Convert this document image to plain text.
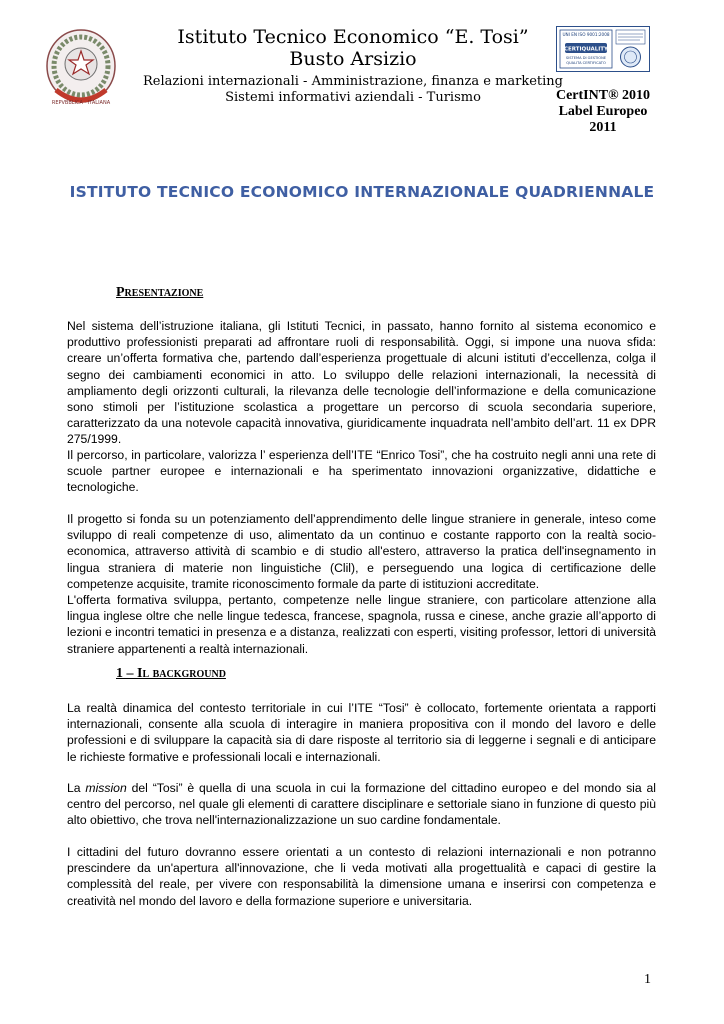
REPVBBLICA · ITALIANA
Istituto Tecnico Economico “E. Tosi”
Busto Arsizio
Relazioni internazionali - Amministrazione, finanza e marketing
Sistemi informativi aziendali - Turismo
UNI EN ISO 9001:2008
CERTIQUALITY
SISTEMA DI GESTIONE
QUALITA CERTIFICATO
CertINT® 2010
Label Europeo
2011
ISTITUTO TECNICO ECONOMICO INTERNAZIONALE QUADRIENNALE
Presentazione

Nel sistema dell’istruzione italiana, gli Istituti Tecnici, in passato, hanno fornito al sistema economico e produttivo professionisti preparati ad affrontare ruoli di responsabilità. Oggi, si impone una nuova sfida: creare un’offerta formativa che, partendo dall’esperienza progettuale di alcuni istituti d’eccellenza, colga il segno dei cambiamenti economici in atto. Lo sviluppo delle relazioni internazionali, la necessità di ampliamento degli orizzonti culturali, la rilevanza delle tecnologie dell’informazione e della comunicazione sono stimoli per l’istituzione scolastica a progettare un percorso di scuola secondaria superiore, caratterizzato da una notevole capacità innovativa, giuridicamente inquadrata nell’ambito dell’art. 11 ex DPR 275/1999.

Il percorso, in particolare, valorizza l’ esperienza dell’ITE “Enrico Tosi”, che ha costruito negli anni una rete di scuole partner europee e internazionali e ha sperimentato innovazioni organizzative, didattiche e tecnologiche.

Il progetto si fonda su un potenziamento dell’apprendimento delle lingue straniere in generale, inteso come sviluppo di reali competenze di uso, alimentato da un continuo e costante rapporto con la realtà socio-economica, attraverso attività di scambio e di studio all'estero, attraverso la pratica dell'insegnamento in lingua straniera di materie non linguistiche (Clil), e perseguendo una logica di certificazione delle competenze acquisite, tramite riconoscimento formale da parte di istituzioni accreditate.

L'offerta formativa sviluppa, pertanto, competenze nelle lingue straniere, con particolare attenzione alla lingua inglese oltre che nelle lingue tedesca, francese, spagnola, russa e cinese, anche grazie all’apporto di lezioni e incontri tematici in presenza e a distanza, realizzati con esperti, visiting professor, lettori di università straniere appartenenti a realtà internazionali.

1 – Il background

La realtà dinamica del contesto territoriale in cui l’ITE “Tosi” è collocato, fortemente orientata a rapporti internazionali, consente alla scuola di interagire in maniera propositiva con il mondo del lavoro e delle professioni e di sviluppare la capacità sia di dare risposte al territorio sia di leggerne i segnali e di anticipare le richieste formative e professionali locali e internazionali.

La mission del “Tosi” è quella di una scuola in cui la formazione del cittadino europeo e del mondo sia al centro del percorso, nel quale gli elementi di carattere disciplinare e settoriale siano in funzione di questo più alto obiettivo, che trova nell'internazionalizzazione un suo cardine fondamentale.

I cittadini del futuro dovranno essere orientati a un contesto di relazioni internazionali e non potranno prescindere da un'apertura all'innovazione, che li veda motivati alla progettualità e capaci di gestire la complessità del reale, per vivere con responsabilità la dimensione umana e inserirsi con competenza e creatività nel mondo del lavoro e della formazione superiore e universitaria.

1
